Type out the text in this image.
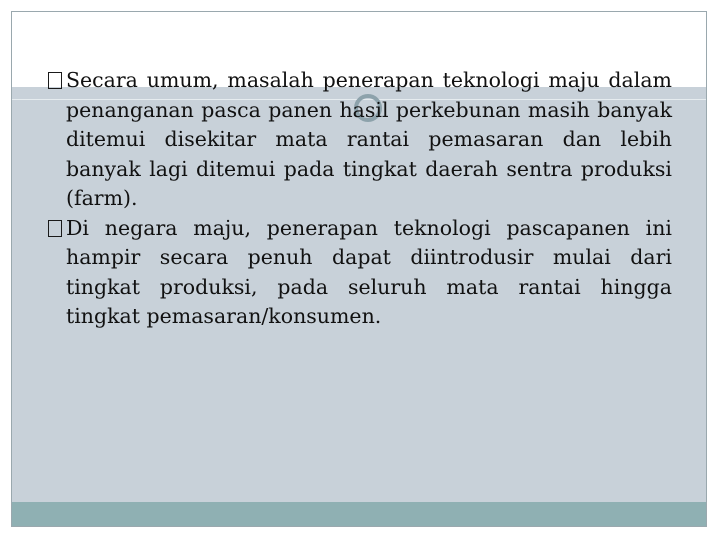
Secara umum, masalah penerapan teknologi maju dalam penanganan pasca panen hasil perkebunan masih banyak ditemui disekitar mata rantai pemasaran dan lebih banyak lagi ditemui pada tingkat daerah sentra produksi (farm).
Di negara maju, penerapan teknologi pascapanen ini hampir secara penuh dapat diintrodusir mulai dari tingkat produksi, pada seluruh mata rantai hingga tingkat pemasaran/konsumen.
